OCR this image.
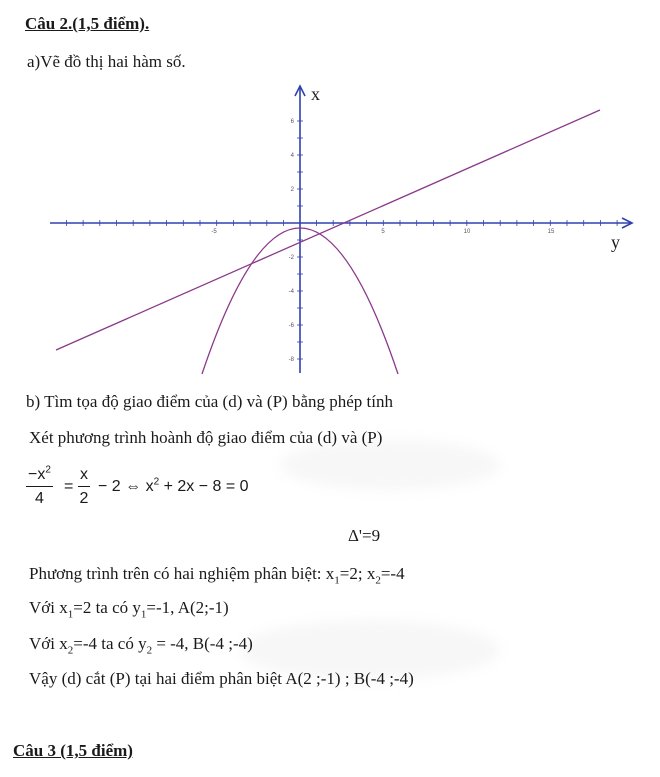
Câu 2.(1,5 điểm).
a)Vẽ đồ thị hai hàm số.
-5	5	10	15
6
4
2
-2
-4
-6
-8
x
y
b) Tìm tọa độ giao điểm của (d) và (P) bằng phép tính
Xét phương trình hoành độ giao điểm của (d) và (P)
$\frac{-x^2}{4} = \frac{x}{2} - 2$ ⇔ $x^2 + 2x - 8 = 0$
Δ'=9
Phương trình trên có hai nghiệm phân biệt: $x_1=2$; $x_2=-4$
Với $x_1=2$ ta có $y_1=-1$, A(2;-1)
Với $x_2=-4$ ta có $y_2 = -4$, B(-4 ;-4)
Vậy (d) cắt (P) tại hai điểm phân biệt A(2 ;-1) ; B(-4 ;-4)
Câu 3 (1,5 điểm)
